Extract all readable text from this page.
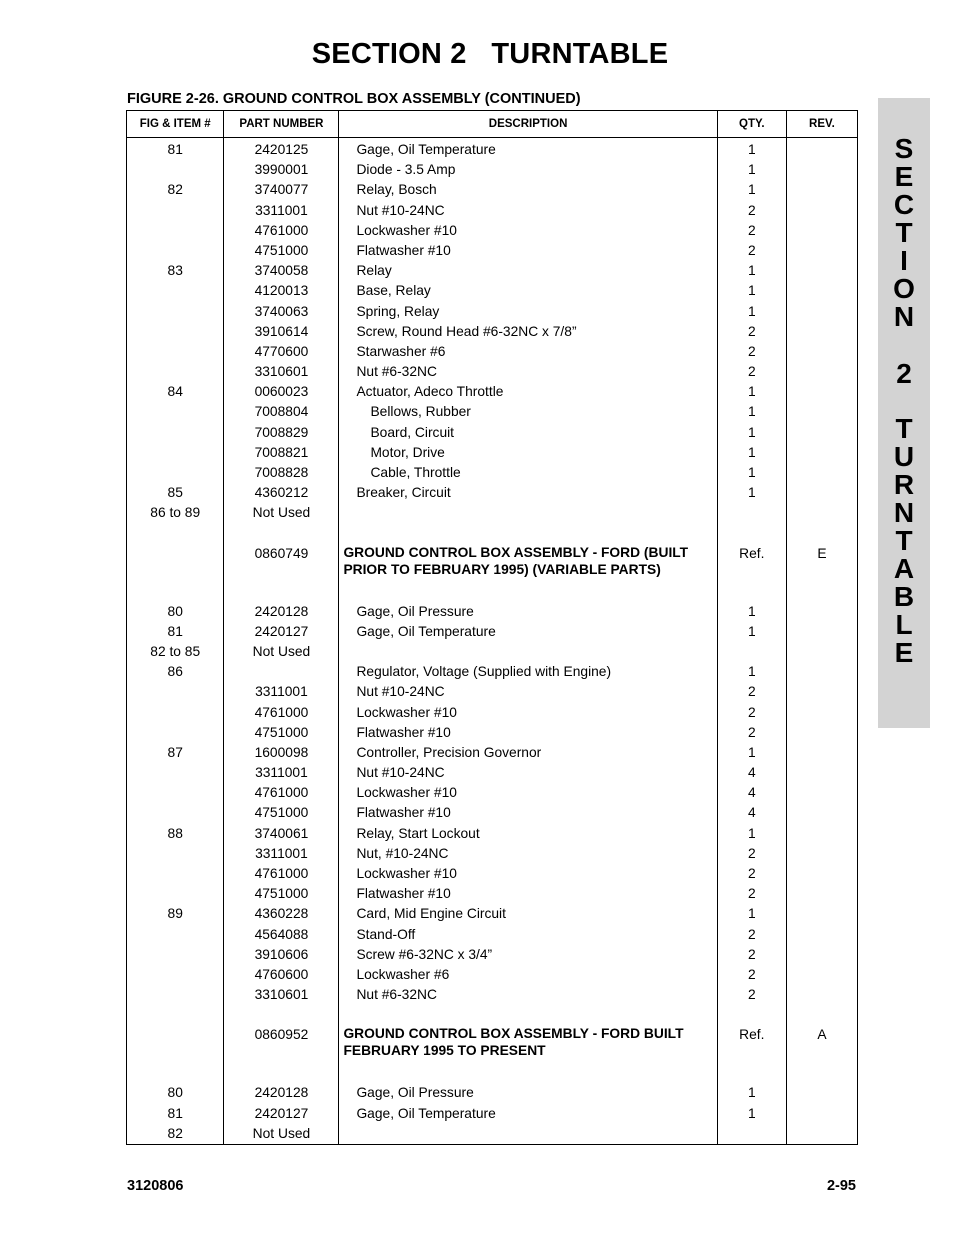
SECTION 2   TURNTABLE
FIGURE 2-26. GROUND CONTROL BOX ASSEMBLY (CONTINUED)
FIG & ITEM #	PART NUMBER	DESCRIPTION	QTY.	REV.
81	2420125	Gage, Oil Temperature	1	
	3990001	Diode - 3.5 Amp	1	
82	3740077	Relay, Bosch	1	
	3311001	Nut #10-24NC	2	
	4761000	Lockwasher #10	2	
	4751000	Flatwasher #10	2	
83	3740058	Relay	1	
	4120013	Base, Relay	1	
	3740063	Spring, Relay	1	
	3910614	Screw, Round Head #6-32NC x 7/8”	2	
	4770600	Starwasher #6	2	
	3310601	Nut #6-32NC	2	
84	0060023	Actuator, Adeco Throttle	1	
	7008804	Bellows, Rubber	1	
	7008829	Board, Circuit	1	
	7008821	Motor, Drive	1	
	7008828	Cable, Throttle	1	
85	4360212	Breaker, Circuit	1	
86 to 89	Not Used			

	0860749	GROUND CONTROL BOX ASSEMBLY - FORD (BUILT PRIOR TO FEBRUARY 1995) (VARIABLE PARTS)	Ref.	E

80	2420128	Gage, Oil Pressure	1	
81	2420127	Gage, Oil Temperature	1	
82 to 85	Not Used			
86		Regulator, Voltage (Supplied with Engine)	1	
	3311001	Nut #10-24NC	2	
	4761000	Lockwasher #10	2	
	4751000	Flatwasher #10	2	
87	1600098	Controller, Precision Governor	1	
	3311001	Nut #10-24NC	4	
	4761000	Lockwasher #10	4	
	4751000	Flatwasher #10	4	
88	3740061	Relay, Start Lockout	1	
	3311001	Nut, #10-24NC	2	
	4761000	Lockwasher #10	2	
	4751000	Flatwasher #10	2	
89	4360228	Card, Mid Engine Circuit	1	
	4564088	Stand-Off	2	
	3910606	Screw #6-32NC x 3/4”	2	
	4760600	Lockwasher #6	2	
	3310601	Nut #6-32NC	2	

	0860952	GROUND CONTROL BOX ASSEMBLY - FORD BUILT FEBRUARY 1995 TO PRESENT	Ref.	A

80	2420128	Gage, Oil Pressure	1	
81	2420127	Gage, Oil Temperature	1	
82	Not Used			
S
E
C
T
I
O
N
2
T
U
R
N
T
A
B
L
E
3120806	2-95
